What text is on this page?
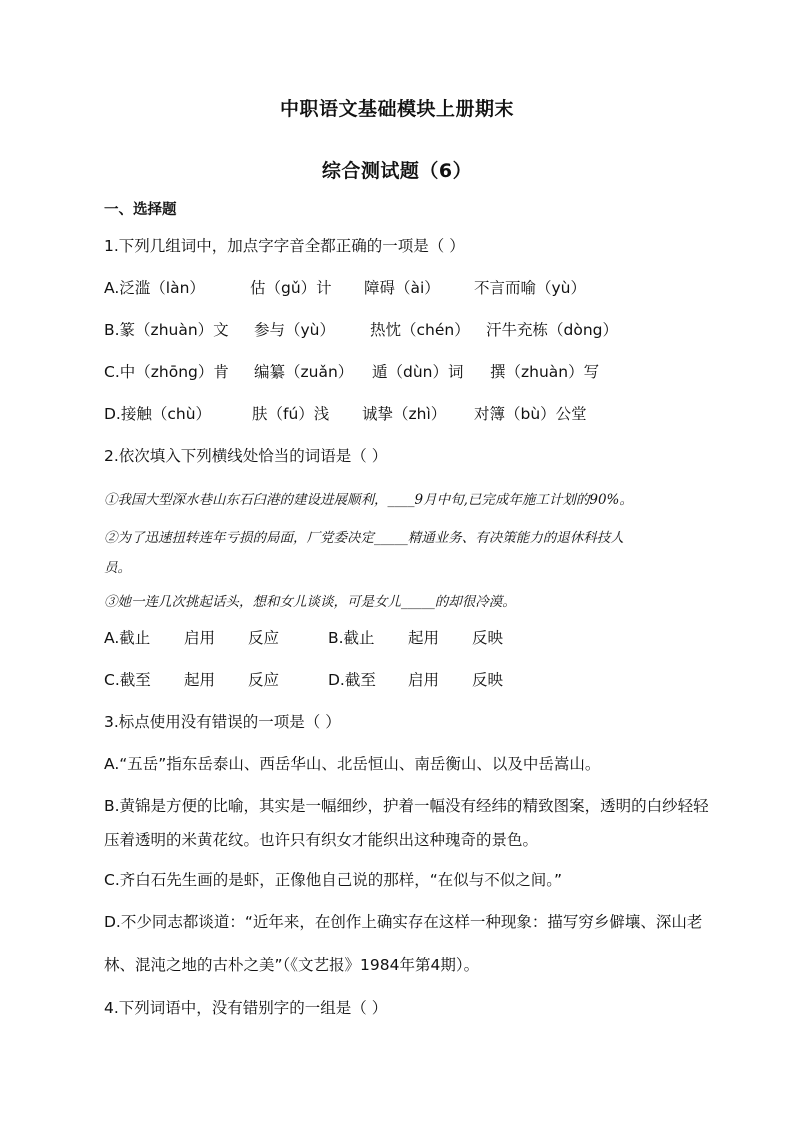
中职语文基础模块上册期末
综合测试题（6）
一、选择题
1.下列几组词中，加点字字音全都正确的一项是（ ）
A.泛滥（làn）	估（gǔ）计 障碍（ài） 不言而喻（yù）
B.篆（zhuàn）文 参与（yù） 热忱（chén） 汗牛充栋（dòng）
C.中（zhōng）肯 编纂（zuǎn） 遁（dùn）词 撰（zhuàn）写
D.接触（chù）	肤（fú）浅 诚挚（zhì） 对簿（bù）公堂
2.依次填入下列横线处恰当的词语是（ ）
①我国大型深水巷山东石臼港的建设进展顺利，____9月中旬,已完成年施工计划的90%。
②为了迅速扭转连年亏损的局面，厂党委决定_____精通业务、有决策能力的退休科技人
员。
③她一连几次挑起话头，想和女儿谈谈，可是女儿_____的却很冷漠。
A.截止 启用 反应	B.截止 起用 反映
C.截至 起用 反应	D.截至 启用 反映
3.标点使用没有错误的一项是（ ）
A.“五岳”指东岳泰山、西岳华山、北岳恒山、南岳衡山、以及中岳嵩山。
B.黄锦是方便的比喻，其实是一幅细纱，护着一幅没有经纬的精致图案，透明的白纱轻轻
压着透明的米黄花纹。也许只有织女才能织出这种瑰奇的景色。
C.齐白石先生画的是虾，正像他自己说的那样，“在似与不似之间。”
D.不少同志都谈道：“近年来，在创作上确实存在这样一种现象：描写穷乡僻壤、深山老
林、混沌之地的古朴之美”（《文艺报》1984年第4期）。
4.下列词语中，没有错别字的一组是（ ）
